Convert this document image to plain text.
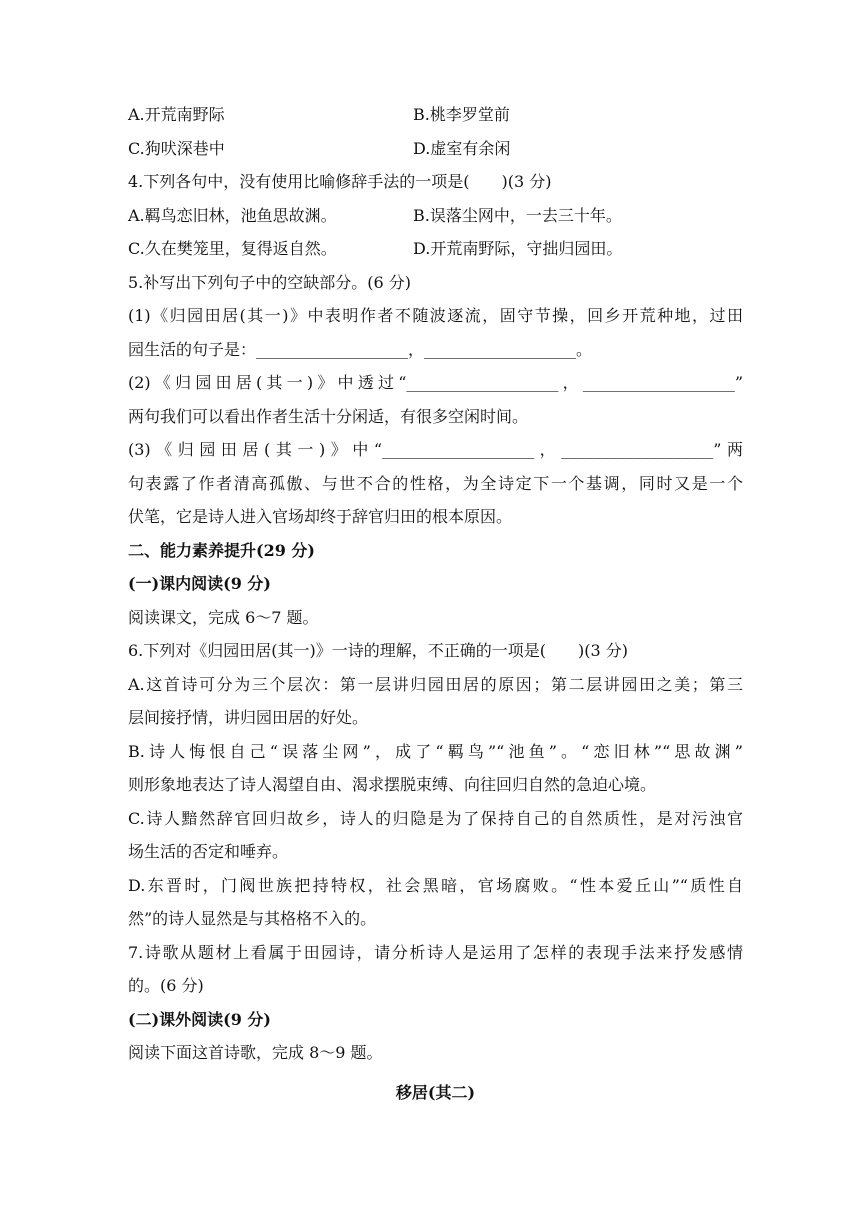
A.开荒南野际	B.桃李罗堂前
C.狗吠深巷中	D.虚室有余闲
4.下列各句中，没有使用比喻修辞手法的一项是(　　)(3 分)
A.羁鸟恋旧林，池鱼思故渊。	B.误落尘网中，一去三十年。
C.久在樊笼里，复得返自然。	D.开荒南野际，守拙归园田。
5.补写出下列句子中的空缺部分。(6 分)
(1)《归园田居(其一)》中表明作者不随波逐流，固守节操，回乡开荒种地，过田
园生活的句子是：___________________，___________________。
(2)《归园田居(其一)》中透过“___________________，___________________”
两句我们可以看出作者生活十分闲适，有很多空闲时间。
(3)《归园田居(其一)》中“___________________，___________________”两
句表露了作者清高孤傲、与世不合的性格，为全诗定下一个基调，同时又是一个
伏笔，它是诗人进入官场却终于辞官归田的根本原因。
二、能力素养提升(29 分)
(一)课内阅读(9 分)
阅读课文，完成 6～7 题。
6.下列对《归园田居(其一)》一诗的理解，不正确的一项是(　　)(3 分)
A.这首诗可分为三个层次：第一层讲归园田居的原因；第二层讲园田之美；第三
层间接抒情，讲归园田居的好处。
B.诗人悔恨自己“误落尘网”，成了“羁鸟”“池鱼”。“恋旧林”“思故渊”
则形象地表达了诗人渴望自由、渴求摆脱束缚、向往回归自然的急迫心境。
C.诗人黯然辞官回归故乡，诗人的归隐是为了保持自己的自然质性，是对污浊官
场生活的否定和唾弃。
D.东晋时，门阀世族把持特权，社会黑暗，官场腐败。“性本爱丘山”“质性自
然”的诗人显然是与其格格不入的。
7.诗歌从题材上看属于田园诗，请分析诗人是运用了怎样的表现手法来抒发感情
的。(6 分)
(二)课外阅读(9 分)
阅读下面这首诗歌，完成 8～9 题。
移居(其二)
